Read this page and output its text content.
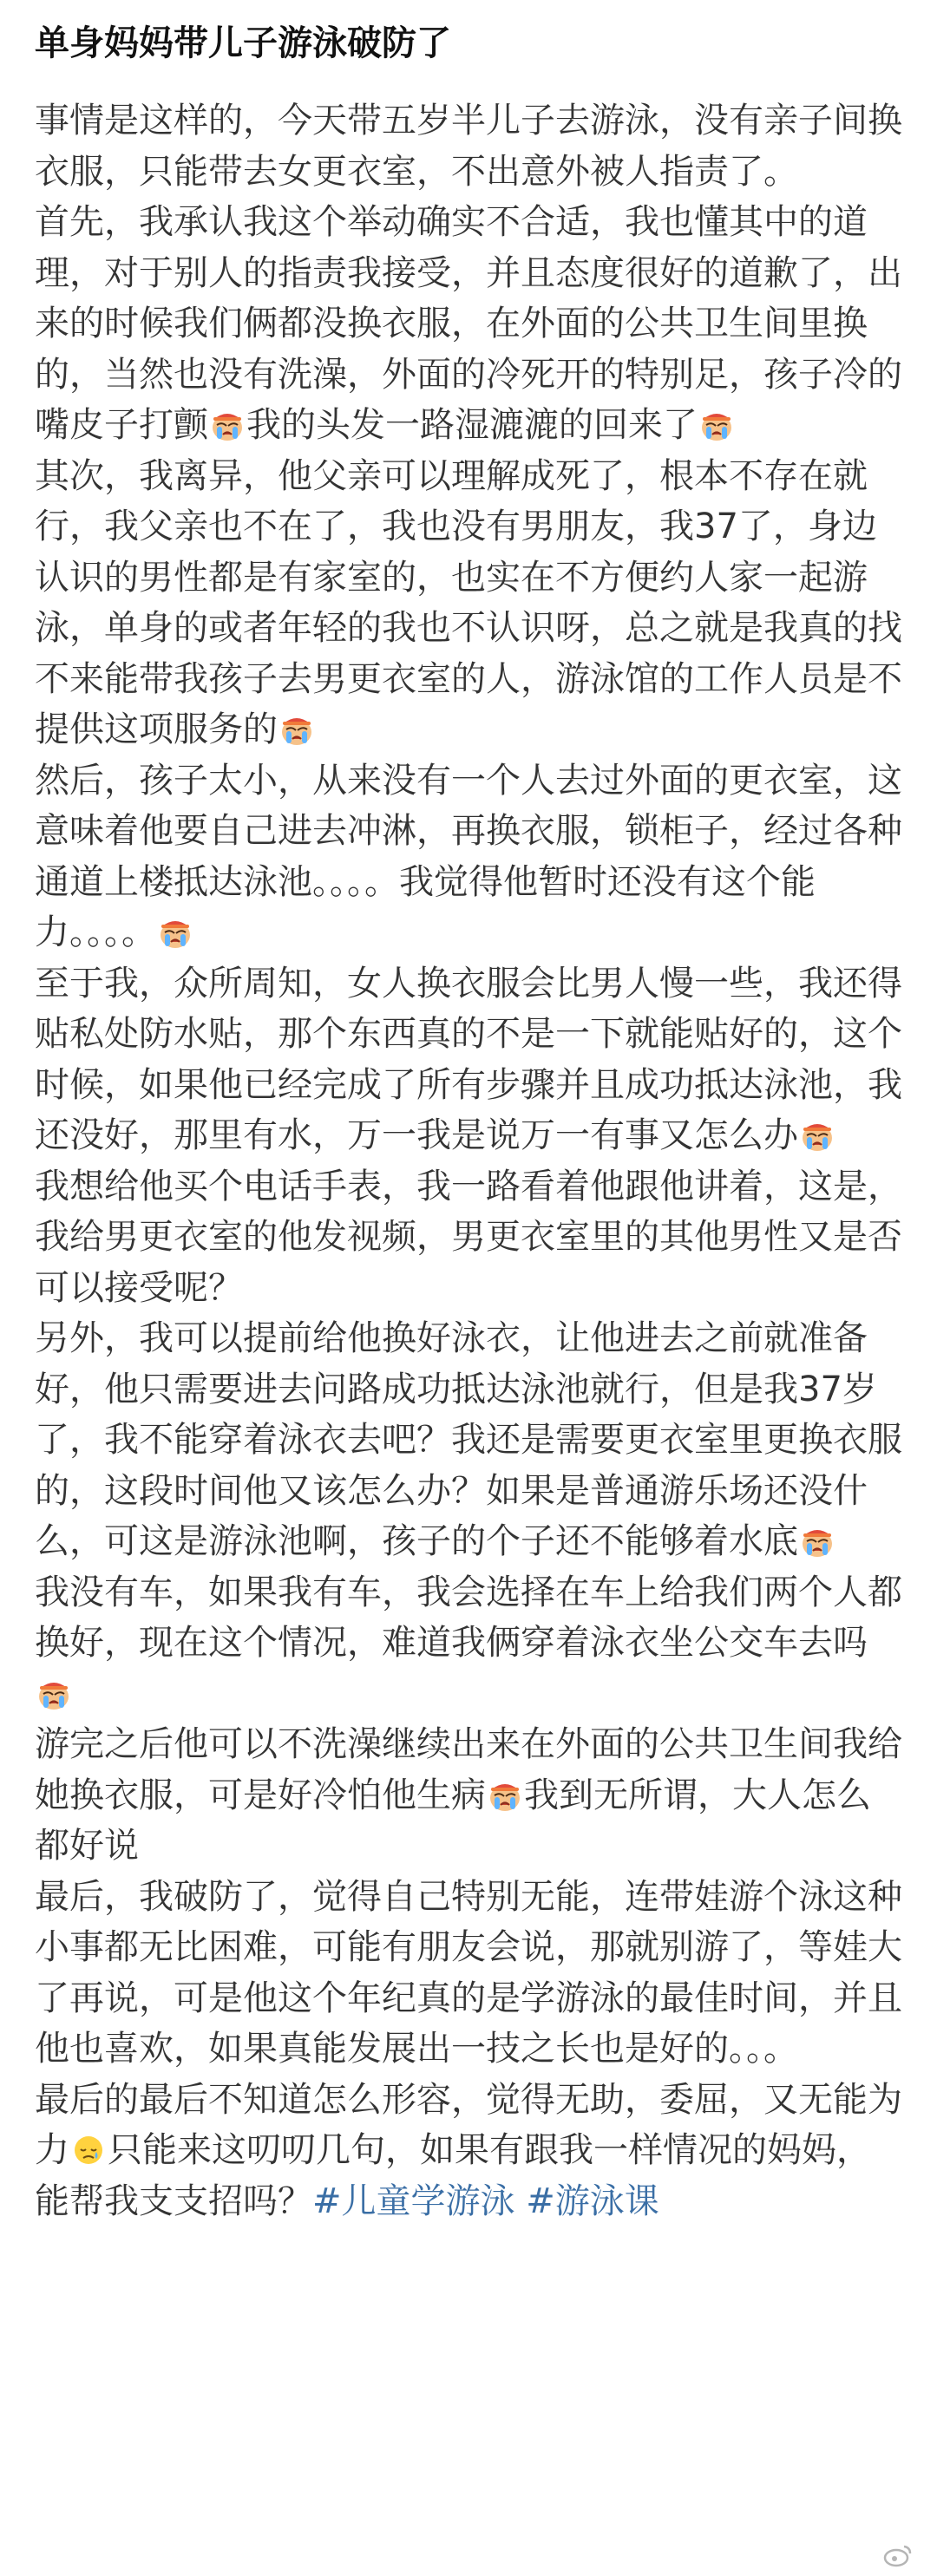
单身妈妈带儿子游泳破防了

事情是这样的，今天带五岁半儿子去游泳，没有亲子间换衣服，只能带去女更衣室，不出意外被人指责了。

首先，我承认我这个举动确实不合适，我也懂其中的道理，对于别人的指责我接受，并且态度很好的道歉了，出来的时候我们俩都没换衣服，在外面的公共卫生间里换的，当然也没有洗澡，外面的冷死开的特别足，孩子冷的嘴皮子打颤 我的头发一路湿漉漉的回来了

其次，我离异，他父亲可以理解成死了，根本不存在就行，我父亲也不在了，我也没有男朋友，我37了，身边认识的男性都是有家室的，也实在不方便约人家一起游泳，单身的或者年轻的我也不认识呀，总之就是我真的找不来能带我孩子去男更衣室的人，游泳馆的工作人员是不提供这项服务的

然后，孩子太小，从来没有一个人去过外面的更衣室，这意味着他要自己进去冲淋，再换衣服，锁柜子，经过各种通道上楼抵达泳池。。。。我觉得他暂时还没有这个能力。。。。

至于我，众所周知，女人换衣服会比男人慢一些，我还得贴私处防水贴，那个东西真的不是一下就能贴好的，这个时候，如果他已经完成了所有步骤并且成功抵达泳池，我还没好，那里有水，万一我是说万一有事又怎么办

我想给他买个电话手表，我一路看着他跟他讲着，这是，我给男更衣室的他发视频，男更衣室里的其他男性又是否可以接受呢？

另外，我可以提前给他换好泳衣，让他进去之前就准备好，他只需要进去问路成功抵达泳池就行，但是我37岁了，我不能穿着泳衣去吧？我还是需要更衣室里更换衣服的，这段时间他又该怎么办？如果是普通游乐场还没什么，可这是游泳池啊，孩子的个子还不能够着水底

我没有车，如果我有车，我会选择在车上给我们两个人都换好，现在这个情况，难道我俩穿着泳衣坐公交车去吗

游完之后他可以不洗澡继续出来在外面的公共卫生间我给她换衣服，可是好冷怕他生病 我到无所谓，大人怎么都好说

最后，我破防了，觉得自己特别无能，连带娃游个泳这种小事都无比困难，可能有朋友会说，那就别游了，等娃大了再说，可是他这个年纪真的是学游泳的最佳时间，并且他也喜欢，如果真能发展出一技之长也是好的。。。

最后的最后不知道怎么形容，觉得无助，委屈，又无能为力 只能来这叨叨几句，如果有跟我一样情况的妈妈，能帮我支支招吗？#儿童学游泳 #游泳课
